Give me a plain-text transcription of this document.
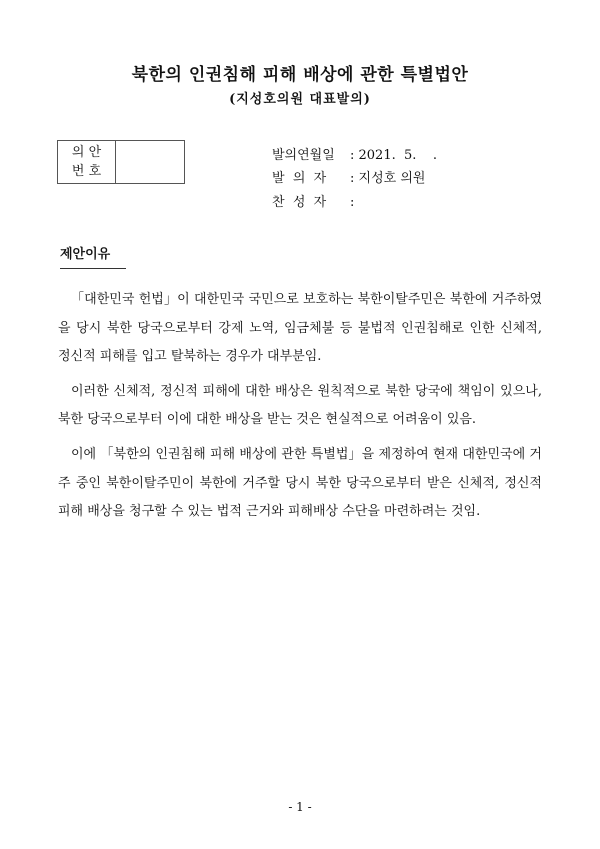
북한의 인권침해 피해 배상에 관한 특별법안
(지성호의원 대표발의)
의 안
번 호
발의연월일 : 2021.  5.    .
발  의  자 : 지성호 의원
찬  성  자 :
제안이유

「대한민국 헌법」이 대한민국 국민으로 보호하는 북한이탈주민은 북한에 거주하였을 당시 북한 당국으로부터 강제 노역, 임금체불 등 불법적 인권침해로 인한 신체적, 정신적 피해를 입고 탈북하는 경우가 대부분임.

이러한 신체적, 정신적 피해에 대한 배상은 원칙적으로 북한 당국에 책임이 있으나, 북한 당국으로부터 이에 대한 배상을 받는 것은 현실적으로 어려움이 있음.

이에 「북한의 인권침해 피해 배상에 관한 특별법」을 제정하여 현재 대한민국에 거주 중인 북한이탈주민이 북한에 거주할 당시 북한 당국으로부터 받은 신체적, 정신적 피해 배상을 청구할 수 있는 법적 근거와 피해배상 수단을 마련하려는 것임.

- 1 -
